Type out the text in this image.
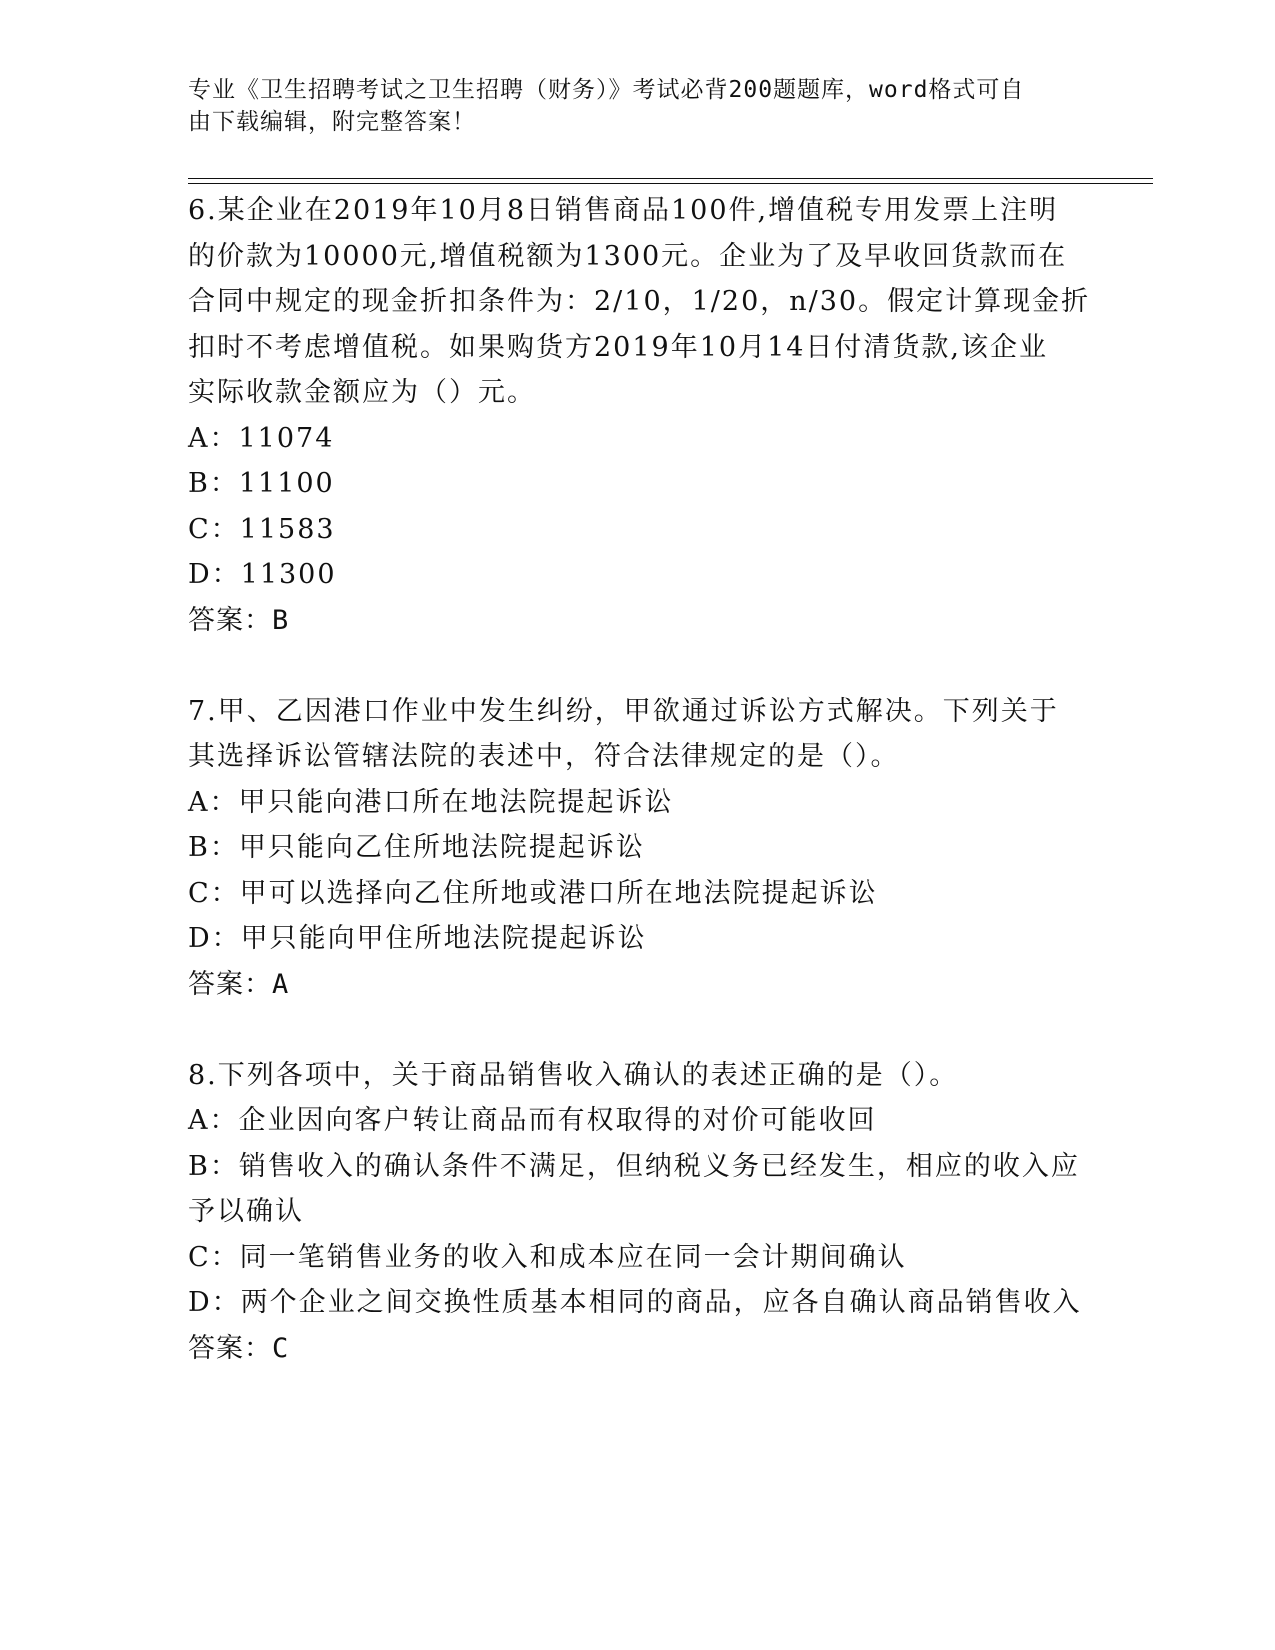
专业《卫生招聘考试之卫生招聘（财务）》考试必背200题题库，word格式可自
由下载编辑，附完整答案！
6.某企业在2019年10月8日销售商品100件,增值税专用发票上注明
的价款为10000元,增值税额为1300元。企业为了及早收回货款而在
合同中规定的现金折扣条件为：2/10，1/20，n/30。假定计算现金折
扣时不考虑增值税。如果购货方2019年10月14日付清货款,该企业
实际收款金额应为（）元。
A：11074
B：11100
C：11583
D：11300
答案：B
7.甲、乙因港口作业中发生纠纷，甲欲通过诉讼方式解决。下列关于
其选择诉讼管辖法院的表述中，符合法律规定的是（）。
A：甲只能向港口所在地法院提起诉讼
B：甲只能向乙住所地法院提起诉讼
C：甲可以选择向乙住所地或港口所在地法院提起诉讼
D：甲只能向甲住所地法院提起诉讼
答案：A
8.下列各项中，关于商品销售收入确认的表述正确的是（）。
A：企业因向客户转让商品而有权取得的对价可能收回
B：销售收入的确认条件不满足，但纳税义务已经发生，相应的收入应
予以确认
C：同一笔销售业务的收入和成本应在同一会计期间确认
D：两个企业之间交换性质基本相同的商品，应各自确认商品销售收入
答案：C
